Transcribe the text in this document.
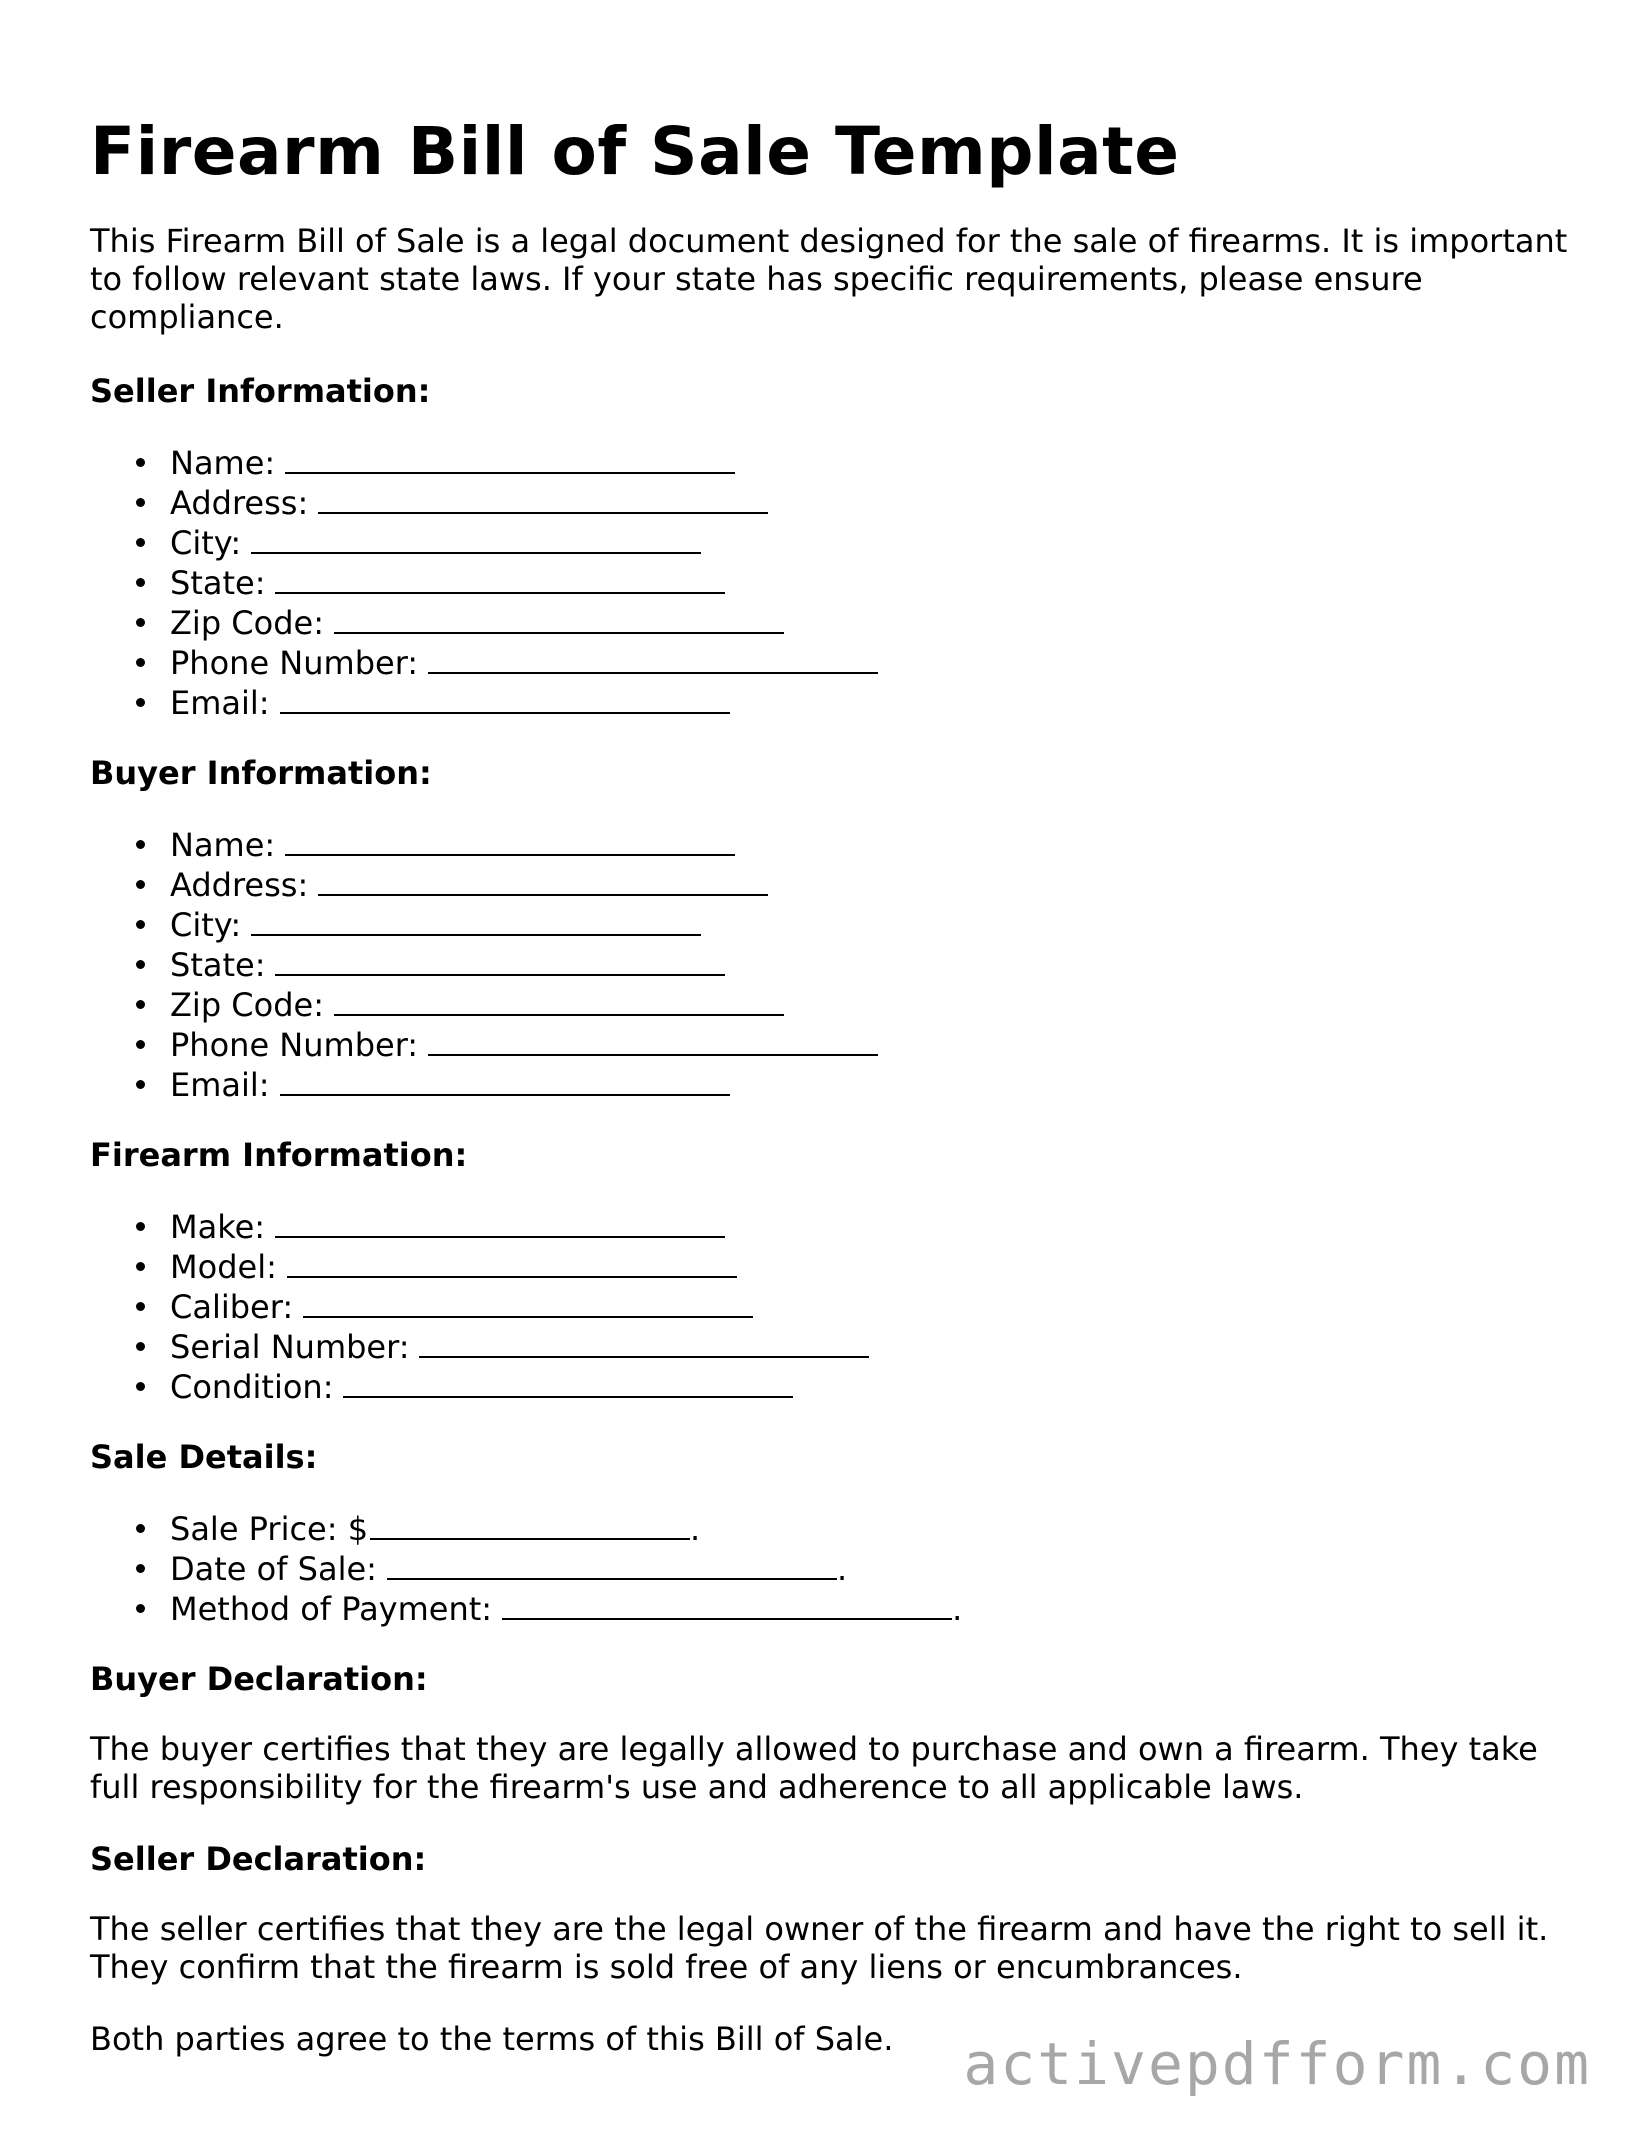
Firearm Bill of Sale Template

This Firearm Bill of Sale is a legal document designed for the sale of firearms. It is important to follow relevant state laws. If your state has specific requirements, please ensure compliance.

Seller Information:
Name:
Address:
City:
State:
Zip Code:
Phone Number:
Email:
Buyer Information:
Name:
Address:
City:
State:
Zip Code:
Phone Number:
Email:
Firearm Information:
Make:
Model:
Caliber:
Serial Number:
Condition:
Sale Details:
Sale Price: $	.
Date of Sale:	.
Method of Payment:	.
Buyer Declaration:

The buyer certifies that they are legally allowed to purchase and own a firearm. They take full responsibility for the firearm's use and adherence to all applicable laws.

Seller Declaration:

The seller certifies that they are the legal owner of the firearm and have the right to sell it. They confirm that the firearm is sold free of any liens or encumbrances.

Both parties agree to the terms of this Bill of Sale.	activepdfform.com
